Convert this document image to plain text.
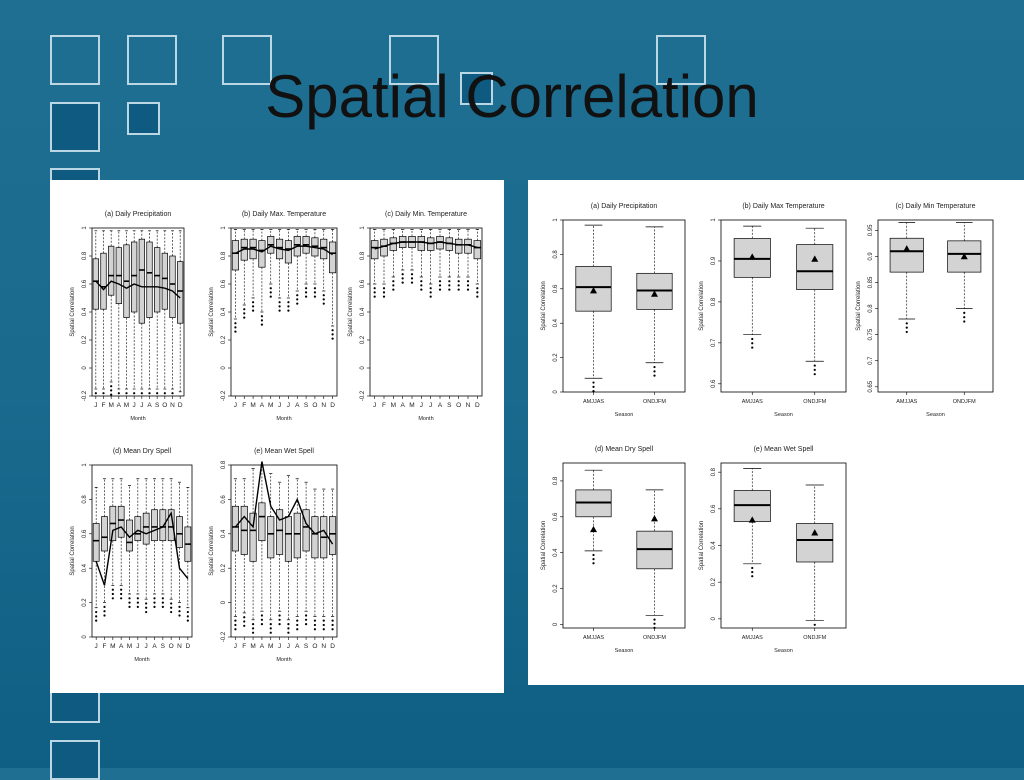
Spatial Correlation
(a) Daily Precipitation
-0.2
0
0.2
0.4
0.6
0.8
1
Spatial Correlation
J F M A M J J A S O N D
Month
(b) Daily Max. Temperature
-0.2
0
0.2
0.4
0.6
0.8
1
Spatial Correlation
J F M A M J J A S O N D
Month
(c) Daily Min. Temperature
-0.2
0
0.2
0.4
0.6
0.8
1
Spatial Correlation
J F M A M J J A S O N D
Month
(d) Mean Dry Spell
0
0.2
0.4
0.6
0.8
1
Spatial Correlation
J F M A M J J A S O N D
Month
(e) Mean Wet Spell
-0.2
0
0.2
0.4
0.6
0.8
Spatial Correlation
J F M A M J J A S O N D
Month
(a) Daily Precipitation
0
0.2
0.4
0.6
0.8
1
Spatial Correlation
AMJJAS	ONDJFM
Season
(b) Daily Max Temperature
0.6
0.7
0.8
0.9
1
Spatial Correlation
AMJJAS	ONDJFM
Season
(c) Daily Min Temperature
0.65
0.7
0.75
0.8
0.85
0.9
0.95
Spatial Correlation
AMJJAS	ONDJFM
Season
(d) Mean Dry Spell
0
0.2
0.4
0.6
0.8
Spatial Correlation
AMJJAS	ONDJFM
Season
(e) Mean Wet Spell
0
0.2
0.4
0.6
0.8
Spatial Correlation
AMJJAS	ONDJFM
Season
